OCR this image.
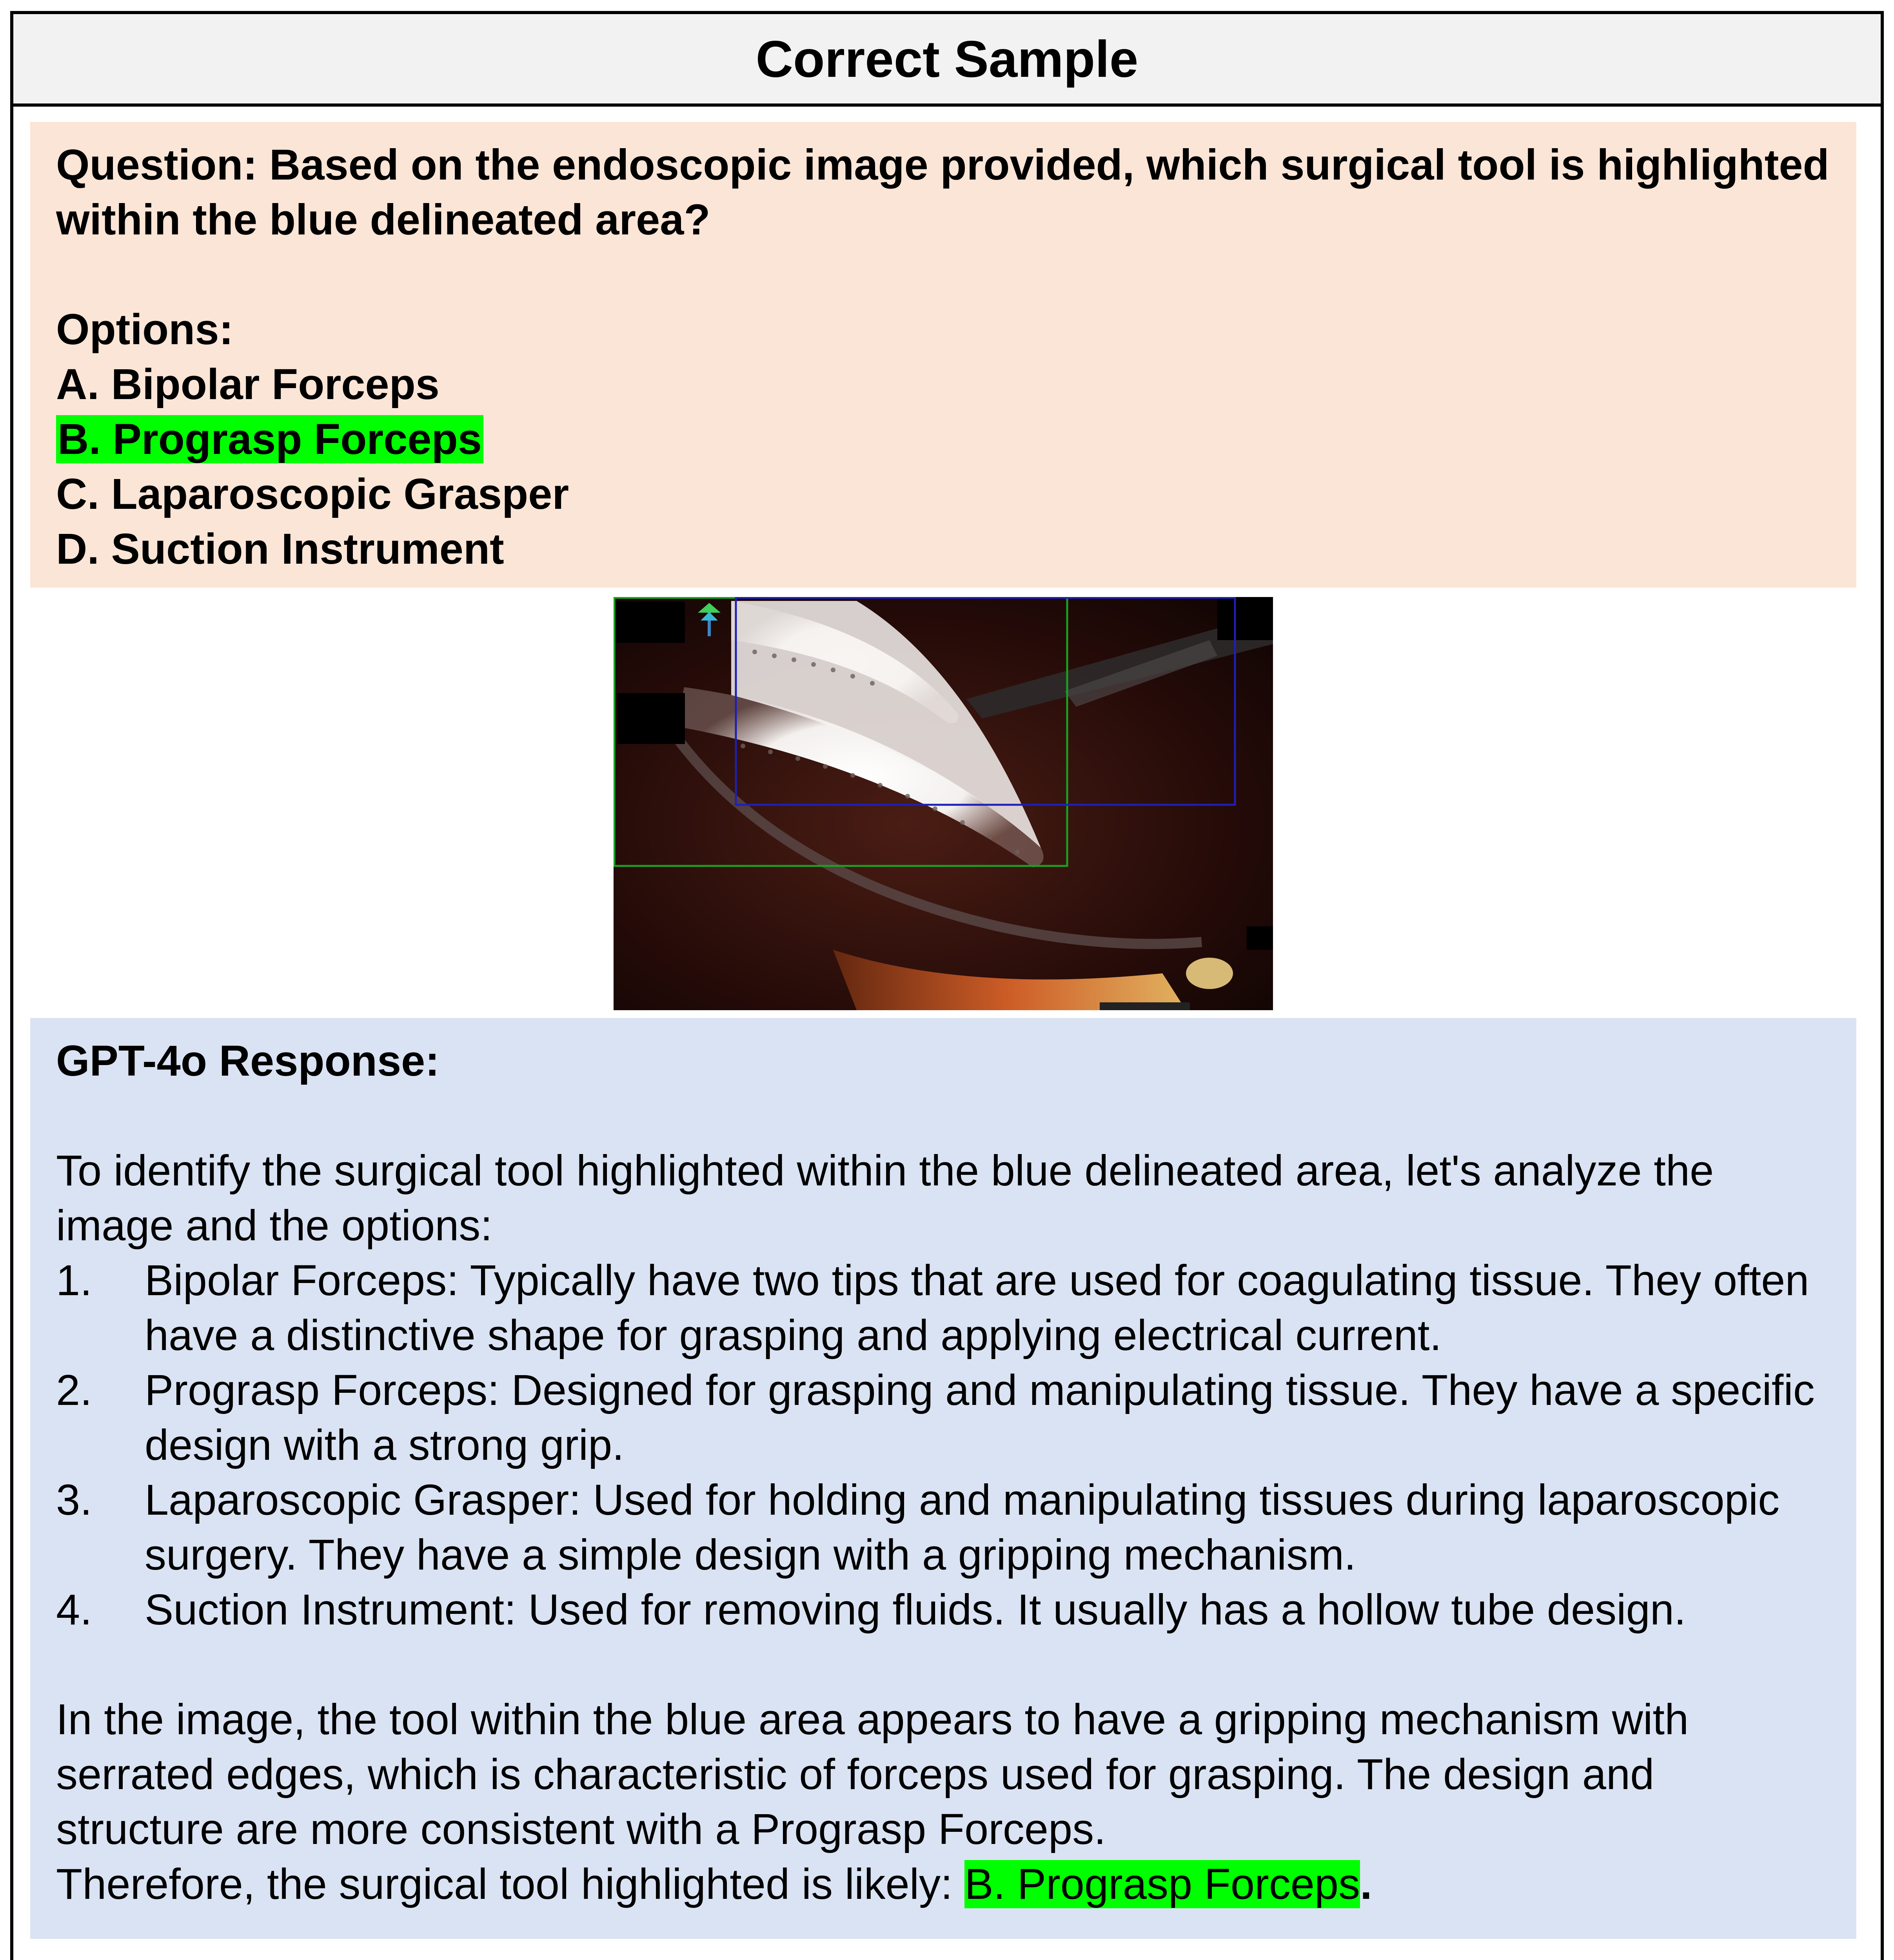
Correct Sample

Question: Based on the endoscopic image provided, which surgical tool is highlighted within the blue delineated area?

Options:
A. Bipolar Forceps
B. Prograsp Forceps
C. Laparoscopic Grasper
D. Suction Instrument
GPT-4o Response:
To identify the surgical tool highlighted within the blue delineated area, let's analyze the image and the options:
1.	Bipolar Forceps: Typically have two tips that are used for coagulating tissue. They often have a distinctive shape for grasping and applying electrical current.
2.	Prograsp Forceps: Designed for grasping and manipulating tissue. They have a specific design with a strong grip.
3.	Laparoscopic Grasper: Used for holding and manipulating tissues during laparoscopic surgery. They have a simple design with a gripping mechanism.
4.	Suction Instrument: Used for removing fluids. It usually has a hollow tube design.
In the image, the tool within the blue area appears to have a gripping mechanism with serrated edges, which is characteristic of forceps used for grasping. The design and structure are more consistent with a Prograsp Forceps.
Therefore, the surgical tool highlighted is likely: B. Prograsp Forceps.
